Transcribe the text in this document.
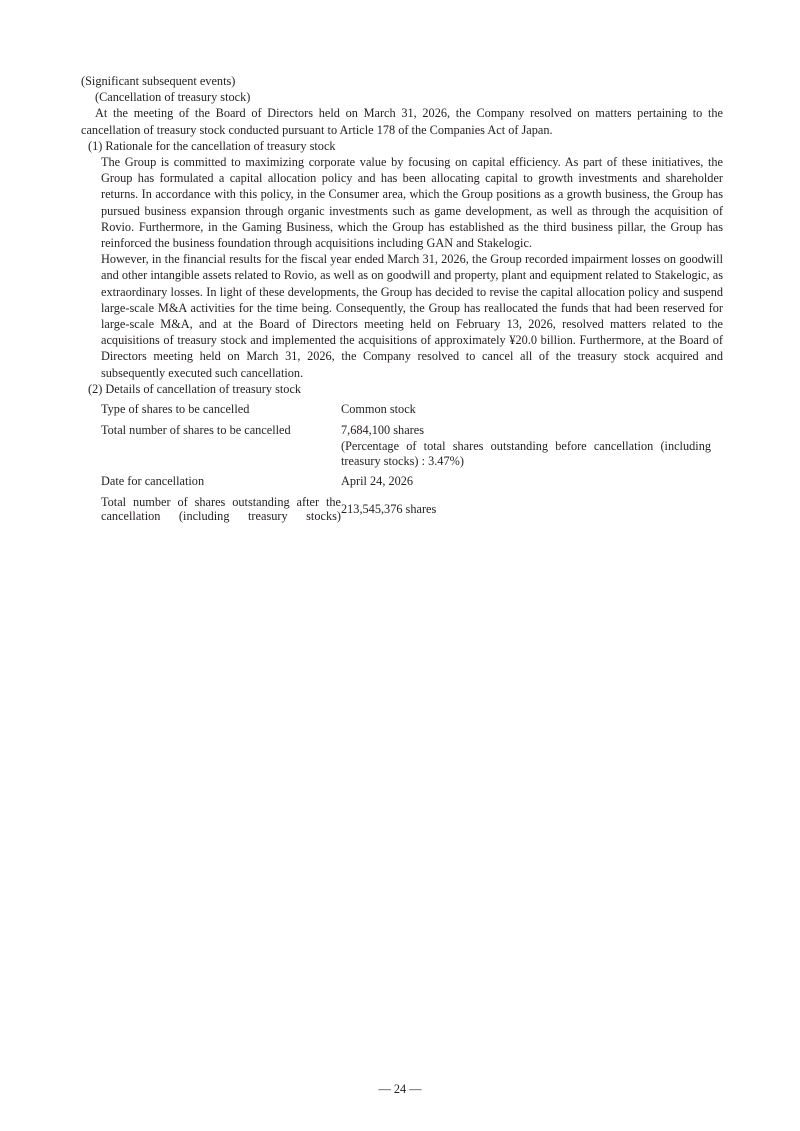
(Significant subsequent events)

(Cancellation of treasury stock)

At the meeting of the Board of Directors held on March 31, 2026, the Company resolved on matters pertaining to the cancellation of treasury stock conducted pursuant to Article 178 of the Companies Act of Japan.

(1) Rationale for the cancellation of treasury stock

The Group is committed to maximizing corporate value by focusing on capital efficiency. As part of these initiatives, the Group has formulated a capital allocation policy and has been allocating capital to growth investments and shareholder returns. In accordance with this policy, in the Consumer area, which the Group positions as a growth business, the Group has pursued business expansion through organic investments such as game development, as well as through the acquisition of Rovio. Furthermore, in the Gaming Business, which the Group has established as the third business pillar, the Group has reinforced the business foundation through acquisitions including GAN and Stakelogic.

However, in the financial results for the fiscal year ended March 31, 2026, the Group recorded impairment losses on goodwill and other intangible assets related to Rovio, as well as on goodwill and property, plant and equipment related to Stakelogic, as extraordinary losses. In light of these developments, the Group has decided to revise the capital allocation policy and suspend large-scale M&A activities for the time being. Consequently, the Group has reallocated the funds that had been reserved for large-scale M&A, and at the Board of Directors meeting held on February 13, 2026, resolved matters related to the acquisitions of treasury stock and implemented the acquisitions of approximately ¥20.0 billion. Furthermore, at the Board of Directors meeting held on March 31, 2026, the Company resolved to cancel all of the treasury stock acquired and subsequently executed such cancellation.

(2) Details of cancellation of treasury stock

Type of shares to be cancelled	Common stock
Total number of shares to be cancelled	7,684,100 shares
(Percentage of total shares outstanding before cancellation (including treasury stocks) : 3.47%)

Date for cancellation	April 24, 2026
Total number of shares outstanding after the cancellation (including treasury stocks)	213,545,376 shares
― 24 ―
